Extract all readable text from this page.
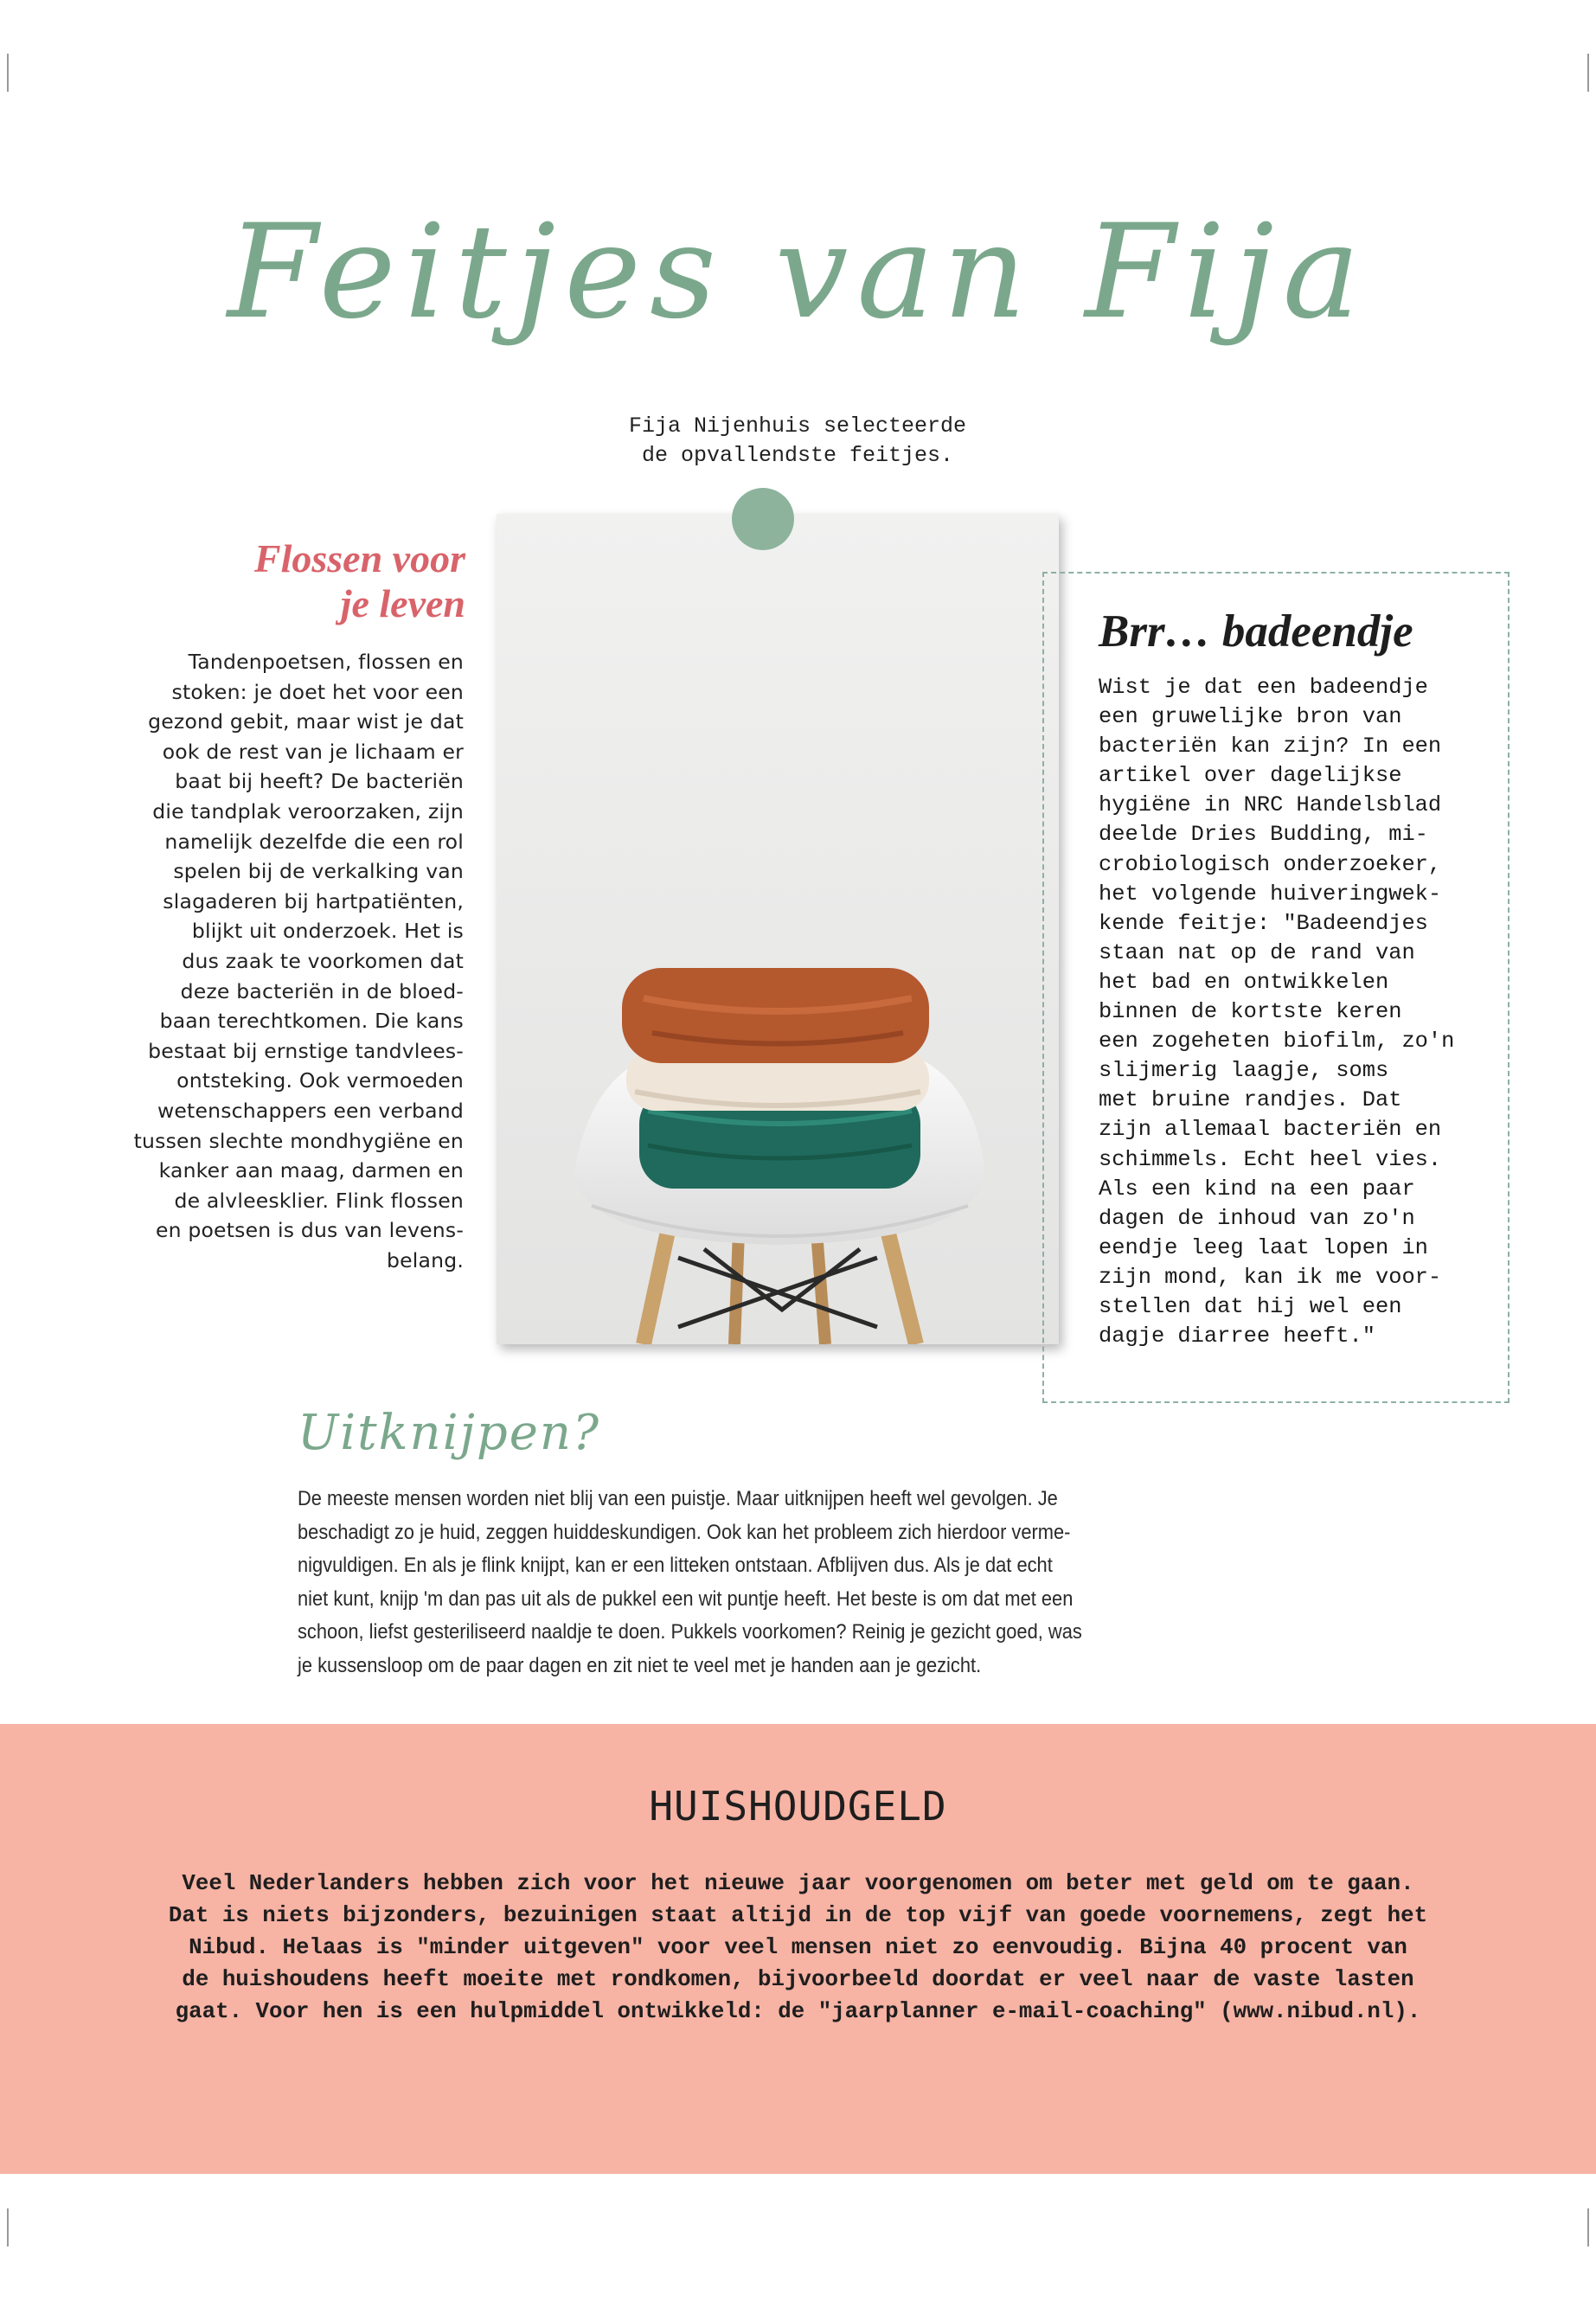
Feitjes van Fija
Fija Nijenhuis selecteerde
de opvallendste feitjes.
Flossen voor
je leven
Tandenpoetsen, flossen en
stoken: je doet het voor een
gezond gebit, maar wist je dat
ook de rest van je lichaam er
baat bij heeft? De bacteriën
die tandplak veroorzaken, zijn
namelijk dezelfde die een rol
spelen bij de verkalking van
slagaderen bij hartpatiënten,
blijkt uit onderzoek. Het is
dus zaak te voorkomen dat
deze bacteriën in de bloed-
baan terechtkomen. Die kans
bestaat bij ernstige tandvlees-
ontsteking. Ook vermoeden
wetenschappers een verband
tussen slechte mondhygiëne en
kanker aan maag, darmen en
de alvleesklier. Flink flossen
en poetsen is dus van levens-
belang.
Brr… badeendje
Wist je dat een badeendje
een gruwelijke bron van
bacteriën kan zijn? In een
artikel over dagelijkse
hygiëne in NRC Handelsblad
deelde Dries Budding, mi-
crobiologisch onderzoeker,
het volgende huiveringwek-
kende feitje: "Badeendjes
staan nat op de rand van
het bad en ontwikkelen
binnen de kortste keren
een zogeheten biofilm, zo'n
slijmerig laagje, soms
met bruine randjes. Dat
zijn allemaal bacteriën en
schimmels. Echt heel vies.
Als een kind na een paar
dagen de inhoud van zo'n
eendje leeg laat lopen in
zijn mond, kan ik me voor-
stellen dat hij wel een
dagje diarree heeft."
Uitknijpen?
De meeste mensen worden niet blij van een puistje. Maar uitknijpen heeft wel gevolgen. Je
beschadigt zo je huid, zeggen huiddeskundigen. Ook kan het probleem zich hierdoor verme-
nigvuldigen. En als je flink knijpt, kan er een litteken ontstaan. Afblijven dus. Als je dat echt
niet kunt, knijp 'm dan pas uit als de pukkel een wit puntje heeft. Het beste is om dat met een
schoon, liefst gesteriliseerd naaldje te doen. Pukkels voorkomen? Reinig je gezicht goed, was
je kussensloop om de paar dagen en zit niet te veel met je handen aan je gezicht.
HUISHOUDGELD
Veel Nederlanders hebben zich voor het nieuwe jaar voorgenomen om beter met geld om te gaan.
Dat is niets bijzonders, bezuinigen staat altijd in de top vijf van goede voornemens, zegt het
Nibud. Helaas is "minder uitgeven" voor veel mensen niet zo eenvoudig. Bijna 40 procent van
de huishoudens heeft moeite met rondkomen, bijvoorbeeld doordat er veel naar de vaste lasten
gaat. Voor hen is een hulpmiddel ontwikkeld: de "jaarplanner e-mail-coaching" (www.nibud.nl).
